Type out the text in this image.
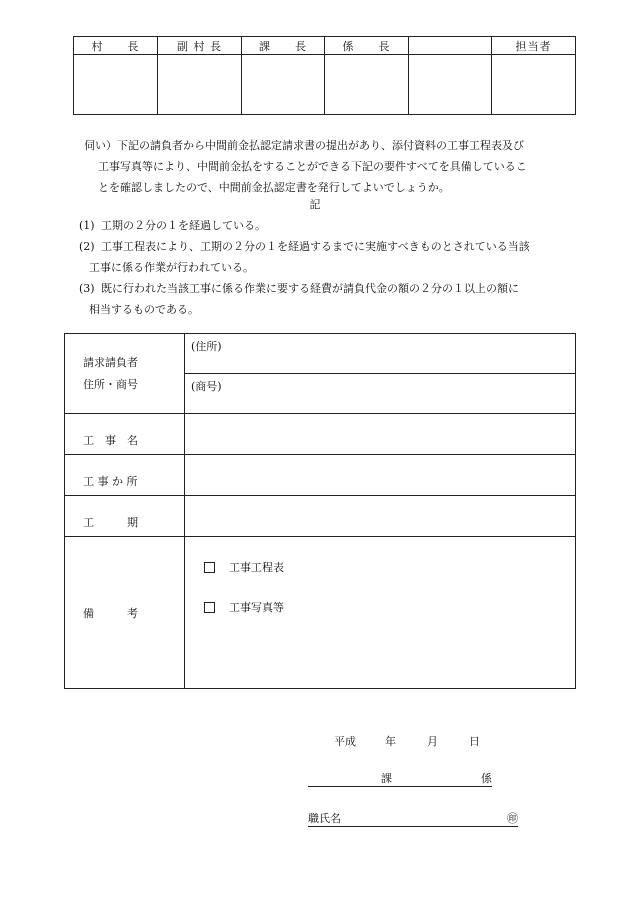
村　　長	副 村 長	課　　長	係　　長		担当者

伺い）下記の請負者から中間前金払認定請求書の提出があり、添付資料の工事工程表及び
工事写真等により、中間前金払をすることができる下記の要件すべてを具備しているこ
とを確認しましたので、中間前金払認定書を発行してよいでしょうか。
記
(1) 工期の２分の１を経過している。
(2) 工事工程表により、工期の２分の１を経過するまでに実施すべきものとされている当該
工事に係る作業が行われている。
(3) 既に行われた当該工事に係る作業に要する経費が請負代金の額の２分の１以上の額に
相当するものである。
請求請負者
住所・商号	(住所)
	(商号)
工　事　名	
工 事 か 所	
工　　　期	
備　　　考	工事工程表
工事写真等
平成	年	月	日
課	係
職氏名	㊞
